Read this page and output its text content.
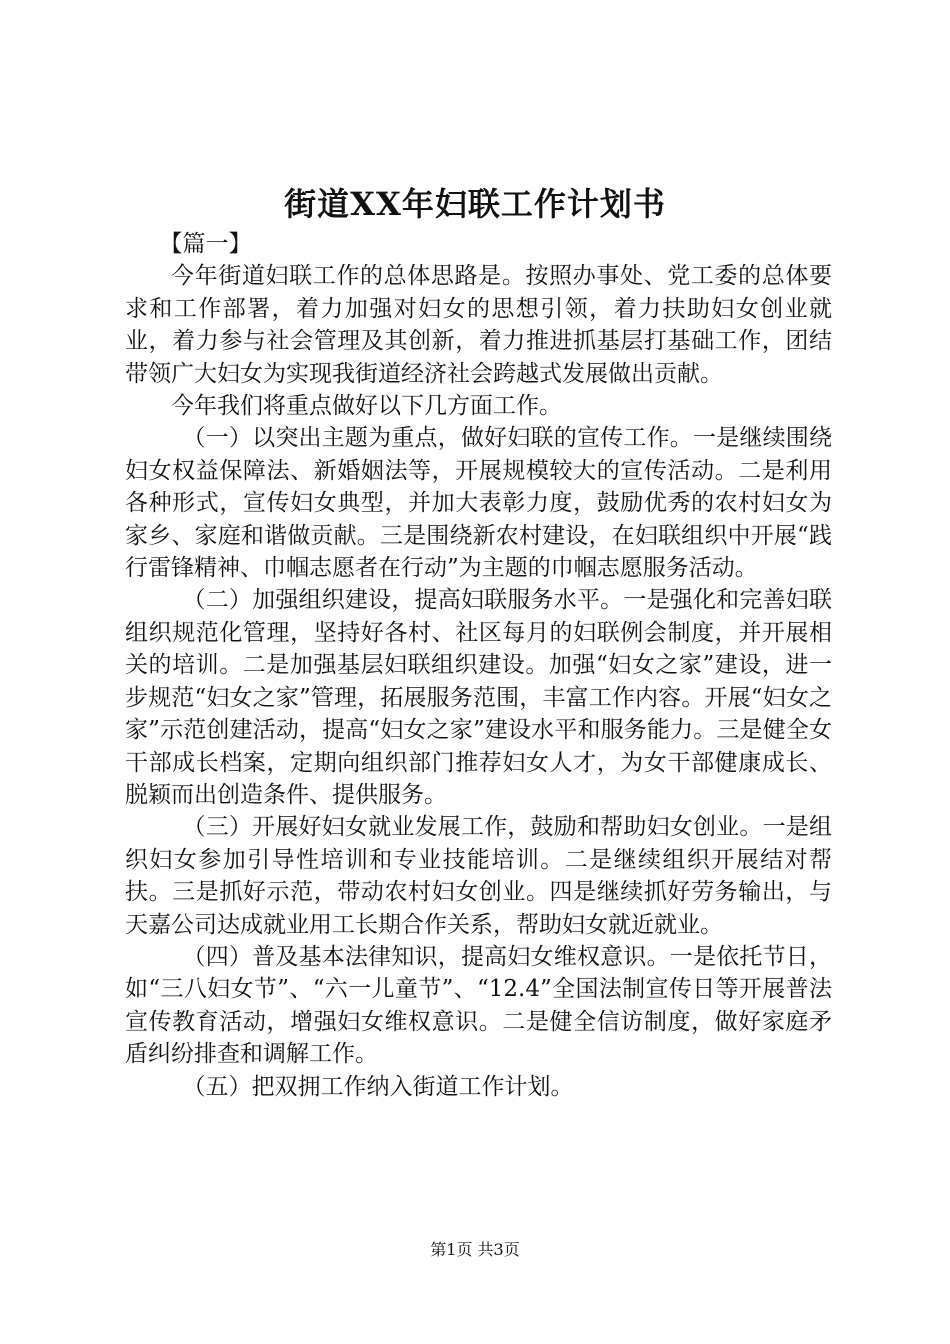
街道XX年妇联工作计划书

【篇一】

今年街道妇联工作的总体思路是。按照办事处、党工委的总体要求和工作部署，着力加强对妇女的思想引领，着力扶助妇女创业就业，着力参与社会管理及其创新，着力推进抓基层打基础工作，团结带领广大妇女为实现我街道经济社会跨越式发展做出贡献。

今年我们将重点做好以下几方面工作。

（一）以突出主题为重点，做好妇联的宣传工作。一是继续围绕妇女权益保障法、新婚姻法等，开展规模较大的宣传活动。二是利用各种形式，宣传妇女典型，并加大表彰力度，鼓励优秀的农村妇女为家乡、家庭和谐做贡献。三是围绕新农村建设，在妇联组织中开展“践行雷锋精神、巾帼志愿者在行动”为主题的巾帼志愿服务活动。

（二）加强组织建设，提高妇联服务水平。一是强化和完善妇联组织规范化管理，坚持好各村、社区每月的妇联例会制度，并开展相关的培训。二是加强基层妇联组织建设。加强“妇女之家”建设，进一步规范“妇女之家”管理，拓展服务范围，丰富工作内容。开展“妇女之家”示范创建活动，提高“妇女之家”建设水平和服务能力。三是健全女干部成长档案，定期向组织部门推荐妇女人才，为女干部健康成长、脱颖而出创造条件、提供服务。

（三）开展好妇女就业发展工作，鼓励和帮助妇女创业。一是组织妇女参加引导性培训和专业技能培训。二是继续组织开展结对帮扶。三是抓好示范，带动农村妇女创业。四是继续抓好劳务输出，与天嘉公司达成就业用工长期合作关系，帮助妇女就近就业。

（四）普及基本法律知识，提高妇女维权意识。一是依托节日，如“三八妇女节”、“六一儿童节”、“12.4”全国法制宣传日等开展普法宣传教育活动，增强妇女维权意识。二是健全信访制度，做好家庭矛盾纠纷排查和调解工作。

（五）把双拥工作纳入街道工作计划。

第1页 共3页
